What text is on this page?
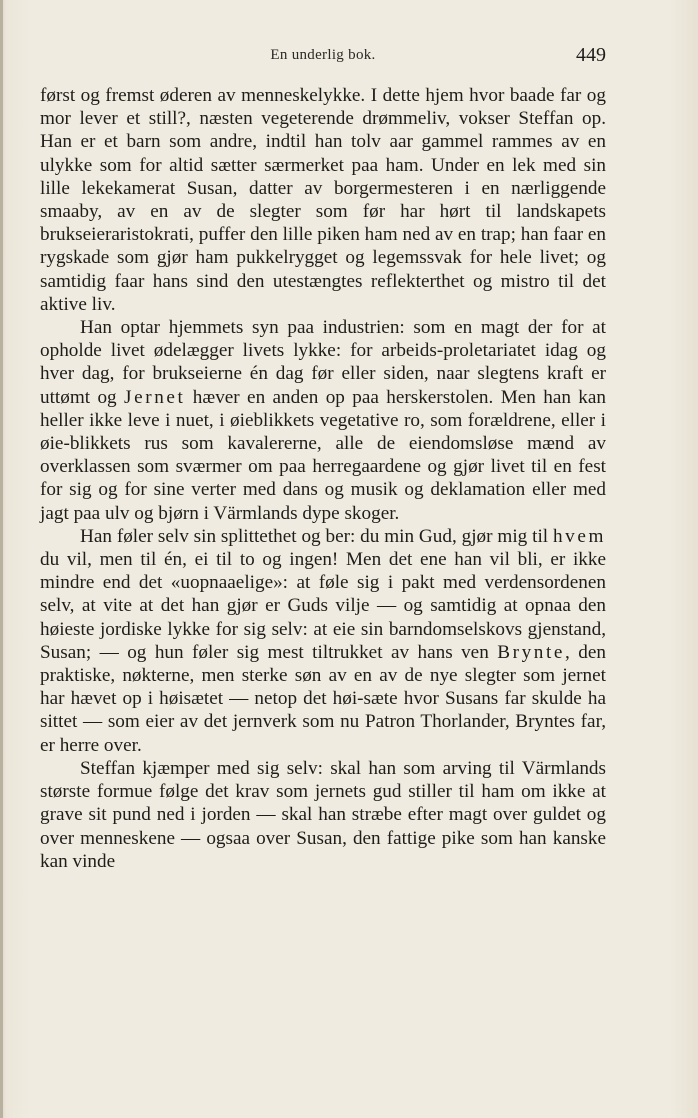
En underlig bok.	449

først og fremst øderen av menneskelykke. I dette hjem hvor baade far og mor lever et still?, næsten vegeterende drømmeliv, vokser Steffan op. Han er et barn som andre, indtil han tolv aar gammel rammes av en ulykke som for altid sætter særmerket paa ham. Under en lek med sin lille lekekamerat Susan, datter av borgermesteren i en nærliggende smaaby, av en av de slegter som før har hørt til landskapets brukseieraristokrati, puffer den lille piken ham ned av en trap; han faar en rygskade som gjør ham pukkelrygget og legemssvak for hele livet; og samtidig faar hans sind den utestængtes reflekterthet og mistro til det aktive liv.

Han optar hjemmets syn paa industrien: som en magt der for at opholde livet ødelægger livets lykke: for arbeids-proletariatet idag og hver dag, for brukseierne én dag før eller siden, naar slegtens kraft er uttømt og Jernet hæver en anden op paa herskerstolen. Men han kan heller ikke leve i nuet, i øieblikkets vegetative ro, som forældrene, eller i øie-blikkets rus som kavalererne, alle de eiendomsløse mænd av overklassen som sværmer om paa herregaardene og gjør livet til en fest for sig og for sine verter med dans og musik og deklamation eller med jagt paa ulv og bjørn i Värmlands dype skoger.

Han føler selv sin splittethet og ber: du min Gud, gjør mig til hvem du vil, men til én, ei til to og ingen! Men det ene han vil bli, er ikke mindre end det «uopnaaelige»: at føle sig i pakt med verdensordenen selv, at vite at det han gjør er Guds vilje — og samtidig at opnaa den høieste jordiske lykke for sig selv: at eie sin barndomselskovs gjenstand, Susan; — og hun føler sig mest tiltrukket av hans ven Brynte, den praktiske, nøkterne, men sterke søn av en av de nye slegter som jernet har hævet op i høisætet — netop det høi-sæte hvor Susans far skulde ha sittet — som eier av det jernverk som nu Patron Thorlander, Bryntes far, er herre over.

Steffan kjæmper med sig selv: skal han som arving til Värmlands største formue følge det krav som jernets gud stiller til ham om ikke at grave sit pund ned i jorden — skal han stræbe efter magt over guldet og over menneskene — ogsaa over Susan, den fattige pike som han kanske kan vinde
